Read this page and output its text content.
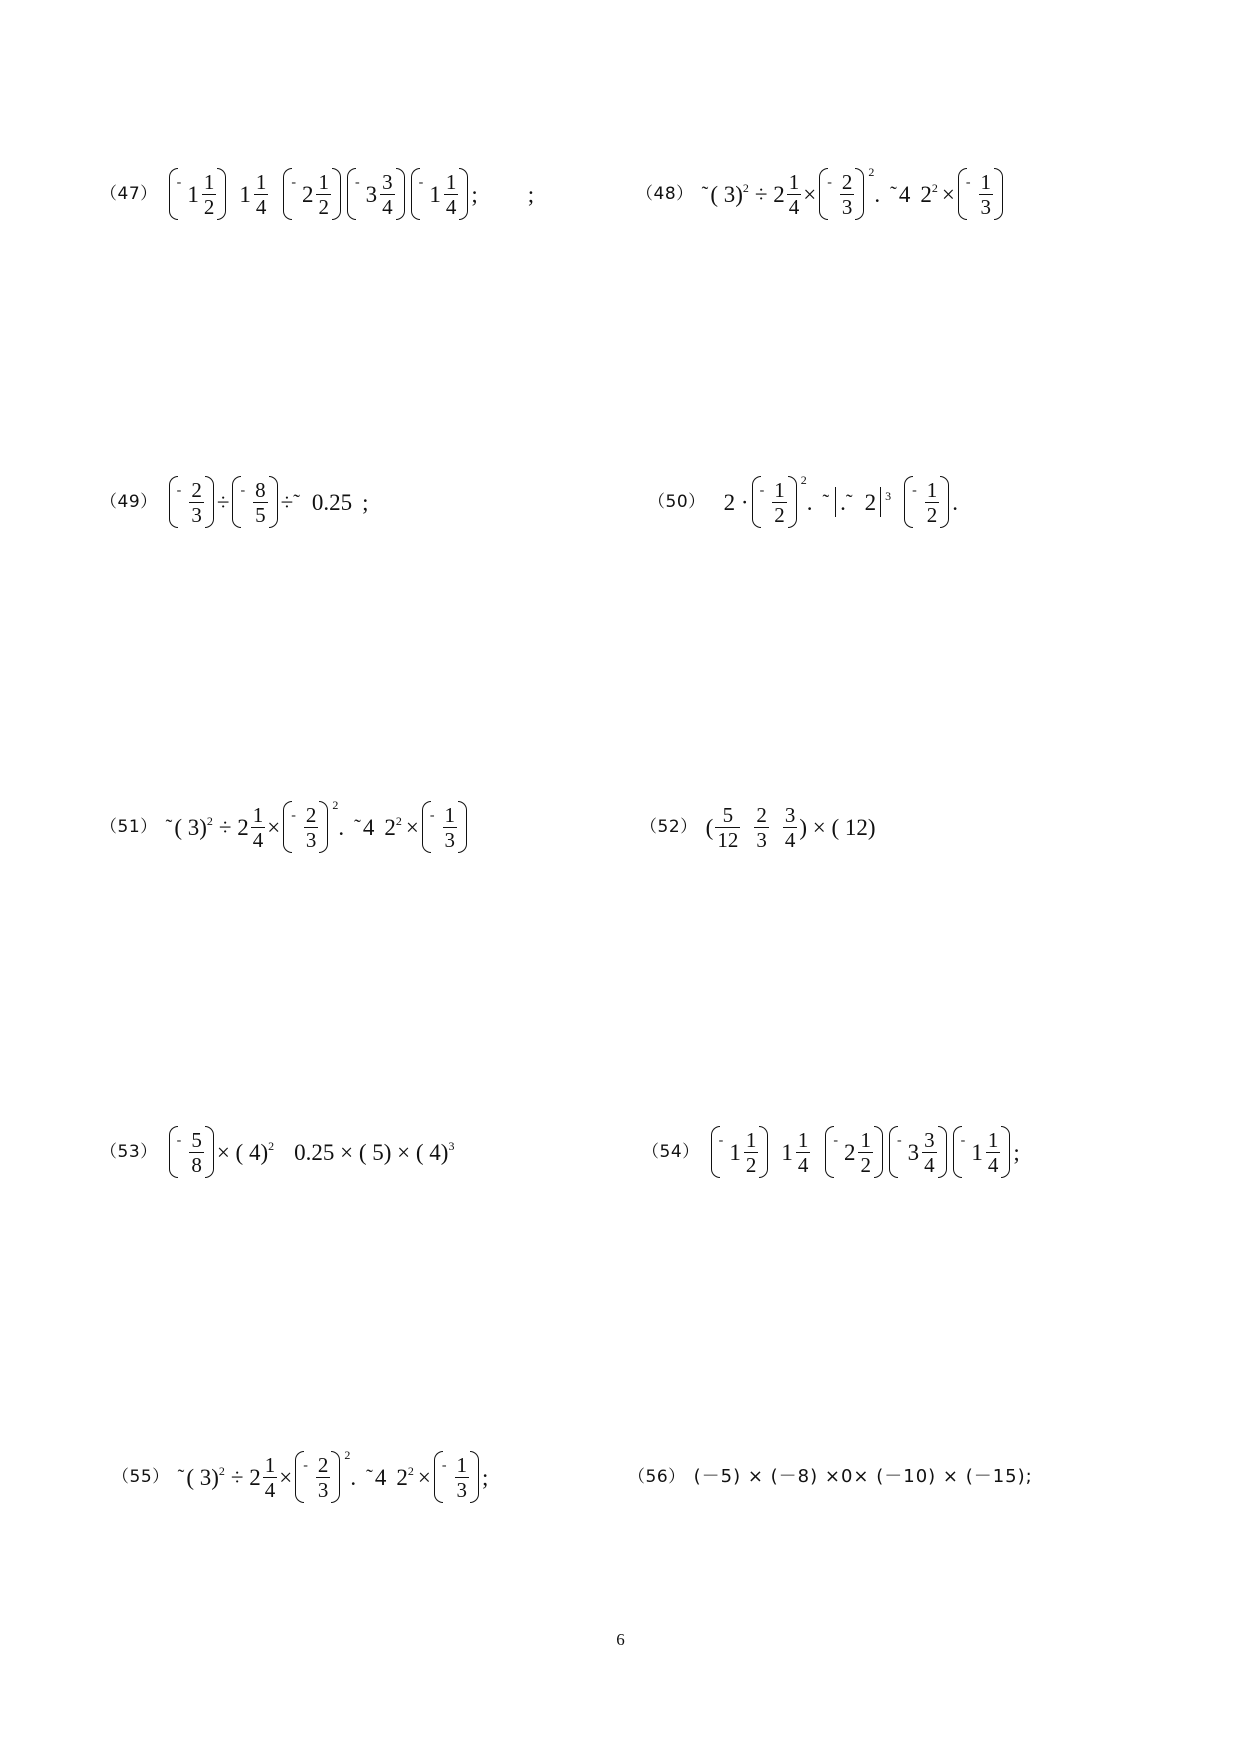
（47）
- $1 \frac{1}{2} 1 \frac{1}{4} - 2 \frac{1}{2} - 3 \frac{3}{4} - 1 \frac{1}{4}$ ; ;	（48） ˜ ( 3) $2 \div 2 \frac{1}{4}$ × - $\frac{2}{3} 2$
. ˜ 4 2 2 × - $\frac{1}{3}$
（49）
- $\frac{2}{3}$ ÷ - $\frac{8}{5}$ ÷ ˜ 0.25 ;	（50） 2 · - $\frac{1}{2} 2$
. ˜ . ˜ 2 $3 - \frac{1}{2}$ .
（51） ˜ ( 3) $2 \div 2 \frac{1}{4}$ × - $\frac{2}{3} 2$
. ˜ 4 2 2 × - $\frac{1}{3}$	（52） ( $\frac{5}{12} \frac{2}{3} \frac{3}{4}$ ) × ( 12)
（53）
- $\frac{5}{8}$ × ( 4) 2 0.25 × ( 5) × ( 4) 3	（54）
- $1 \frac{1}{2} 1 \frac{1}{4} - 2 \frac{1}{2} - 3 \frac{3}{4} - 1 \frac{1}{4}$ ;
（55） ˜ ( 3) $2 \div 2 \frac{1}{4}$ × - $\frac{2}{3} 2$
. ˜ 4 2 2 × - $\frac{1}{3}$ ;	（56） (－5) × (－8) ×0× (－10) × (－15);
6
